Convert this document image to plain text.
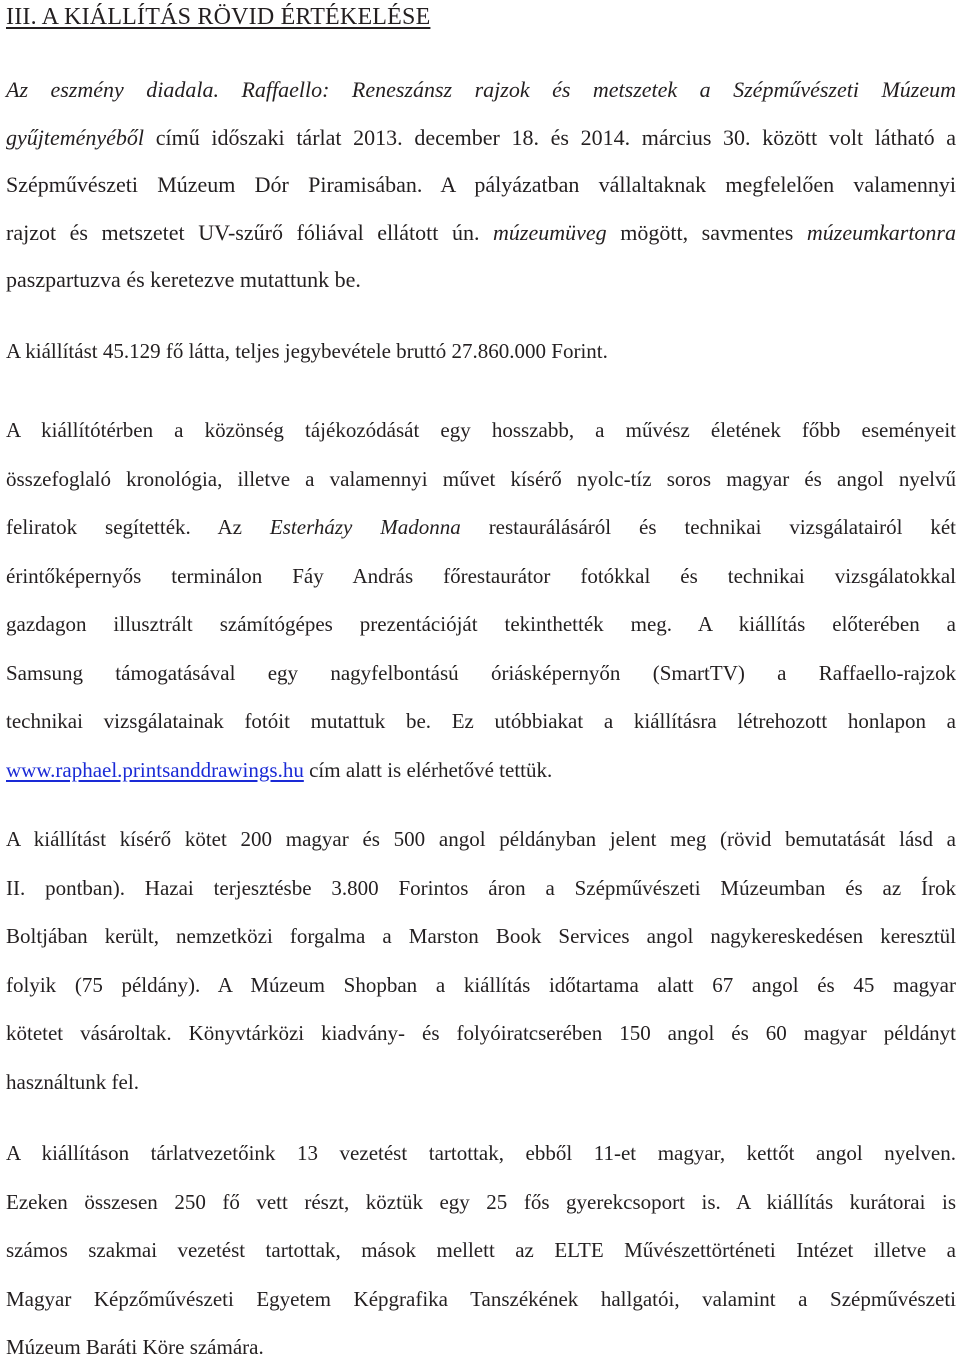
III. A KIÁLLÍTÁS RÖVID ÉRTÉKELÉSE

Az eszmény diadala. Raffaello: Reneszánsz rajzok és metszetek a Szépművészeti Múzeum
gyűjteményéből című időszaki tárlat 2013. december 18. és 2014. március 30. között volt látható a
Szépművészeti Múzeum Dór Piramisában. A pályázatban vállaltaknak megfelelően valamennyi
rajzot és metszetet UV-szűrő fóliával ellátott ún. múzeumüveg mögött, savmentes múzeumkartonra
paszpartuzva és keretezve mutattunk be.

A kiállítást 45.129 fő látta, teljes jegybevétele bruttó 27.860.000 Forint.

A kiállítótérben a közönség tájékozódását egy hosszabb, a művész életének főbb eseményeit
összefoglaló kronológia, illetve a valamennyi művet kísérő nyolc-tíz soros magyar és angol nyelvű
feliratok segítették. Az Esterházy Madonna restaurálásáról és technikai vizsgálatairól két
érintőképernyős terminálon Fáy András főrestaurátor fotókkal és technikai vizsgálatokkal
gazdagon illusztrált számítógépes prezentációját tekinthették meg. A kiállítás előterében a
Samsung támogatásával egy nagyfelbontású óriásképernyőn (SmartTV) a Raffaello-rajzok
technikai vizsgálatainak fotóit mutattuk be. Ez utóbbiakat a kiállításra létrehozott honlapon a
www.raphael.printsanddrawings.hu cím alatt is elérhetővé tettük.

A kiállítást kísérő kötet 200 magyar és 500 angol példányban jelent meg (rövid bemutatását lásd a
II. pontban). Hazai terjesztésbe 3.800 Forintos áron a Szépművészeti Múzeumban és az Írok
Boltjában került, nemzetközi forgalma a Marston Book Services angol nagykereskedésen keresztül
folyik (75 példány). A Múzeum Shopban a kiállítás időtartama alatt 67 angol és 45 magyar
kötetet vásároltak. Könyvtárközi kiadvány- és folyóiratcserében 150 angol és 60 magyar példányt
használtunk fel.

A kiállításon tárlatvezetőink 13 vezetést tartottak, ebből 11-et magyar, kettőt angol nyelven.
Ezeken összesen 250 fő vett részt, köztük egy 25 fős gyerekcsoport is. A kiállítás kurátorai is
számos szakmai vezetést tartottak, mások mellett az ELTE Művészettörténeti Intézet illetve a
Magyar Képzőművészeti Egyetem Képgrafika Tanszékének hallgatói, valamint a Szépművészeti
Múzeum Baráti Köre számára.
